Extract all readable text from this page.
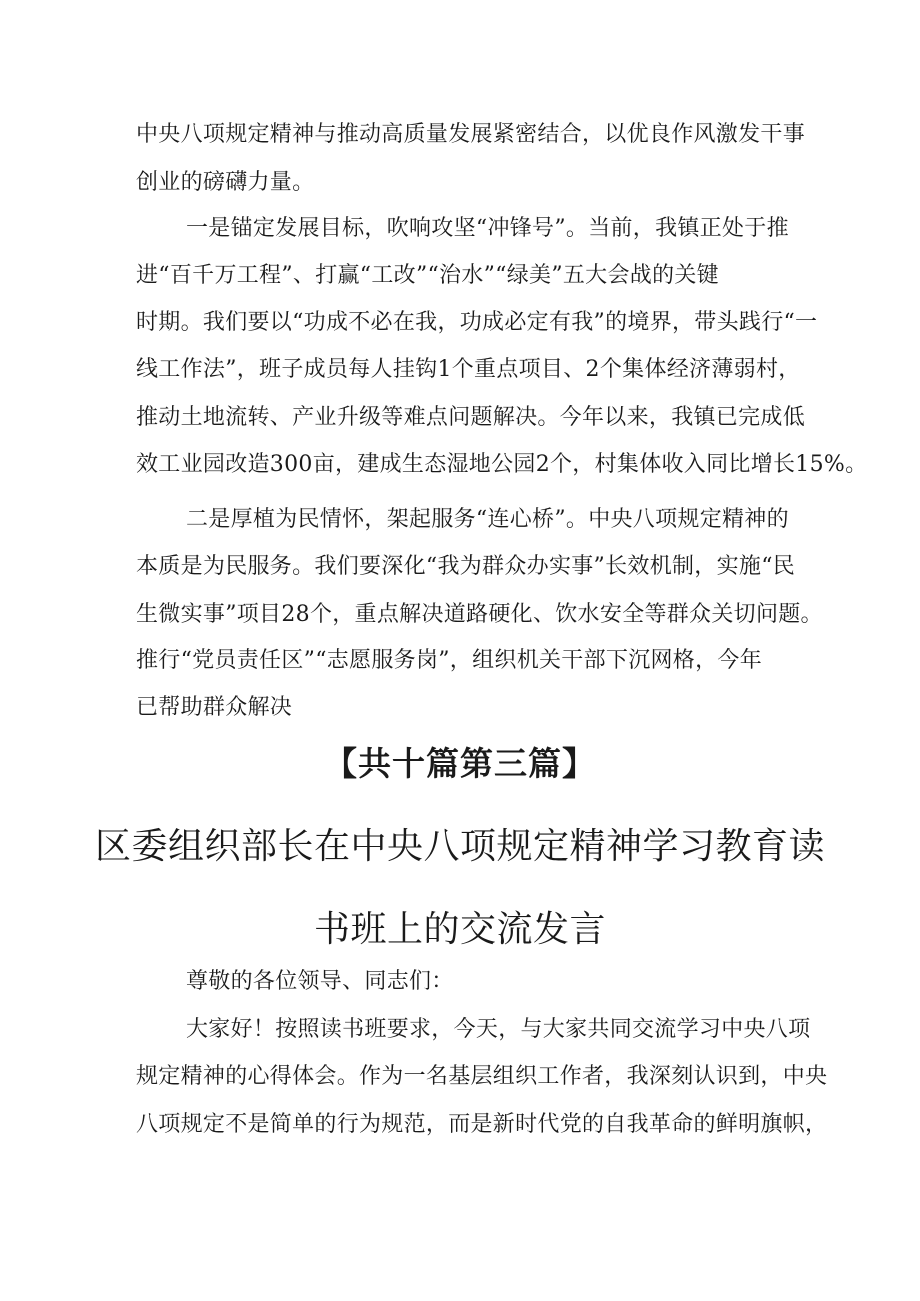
中央八项规定精神与推动高质量发展紧密结合，以优良作风激发干事
创业的磅礴力量。
一是锚定发展目标，吹响攻坚“冲锋号”。当前，我镇正处于推
进“百千万工程”、打赢“工改”“治水”“绿美”五大会战的关键
时期。我们要以“功成不必在我，功成必定有我”的境界，带头践行“一
线工作法”，班子成员每人挂钩1个重点项目、2个集体经济薄弱村，
推动土地流转、产业升级等难点问题解决。今年以来，我镇已完成低
效工业园改造300亩，建成生态湿地公园2个，村集体收入同比增长15%。
二是厚植为民情怀，架起服务“连心桥”。中央八项规定精神的
本质是为民服务。我们要深化“我为群众办实事”长效机制，实施“民
生微实事”项目28个，重点解决道路硬化、饮水安全等群众关切问题。
推行“党员责任区”“志愿服务岗”，组织机关干部下沉网格，今年
已帮助群众解决
【共十篇第三篇】
区委组织部长在中央八项规定精神学习教育读
书班上的交流发言
尊敬的各位领导、同志们：
大家好！按照读书班要求，今天，与大家共同交流学习中央八项
规定精神的心得体会。作为一名基层组织工作者，我深刻认识到，中央
八项规定不是简单的行为规范，而是新时代党的自我革命的鲜明旗帜，
